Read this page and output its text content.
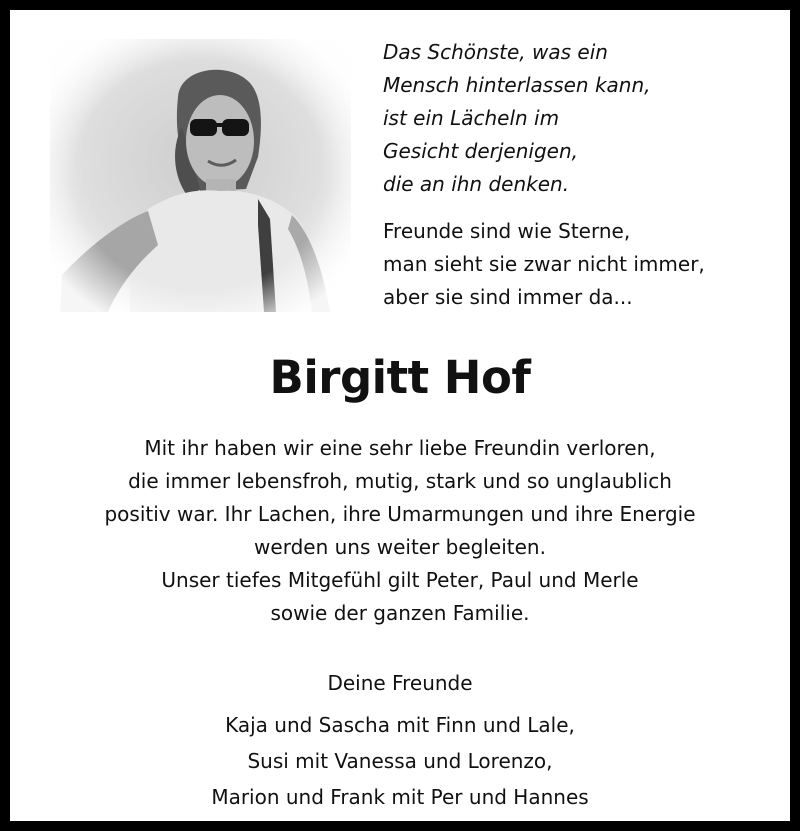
Das Schönste, was ein
Mensch hinterlassen kann,
ist ein Lächeln im
Gesicht derjenigen,
die an ihn denken.
Freunde sind wie Sterne,
man sieht sie zwar nicht immer,
aber sie sind immer da...
Birgitt Hof
Mit ihr haben wir eine sehr liebe Freundin verloren,
die immer lebensfroh, mutig, stark und so unglaublich
positiv war. Ihr Lachen, ihre Umarmungen und ihre Energie
werden uns weiter begleiten.
Unser tiefes Mitgefühl gilt Peter, Paul und Merle
sowie der ganzen Familie.
Deine Freunde
Kaja und Sascha mit Finn und Lale,
Susi mit Vanessa und Lorenzo,
Marion und Frank mit Per und Hannes
